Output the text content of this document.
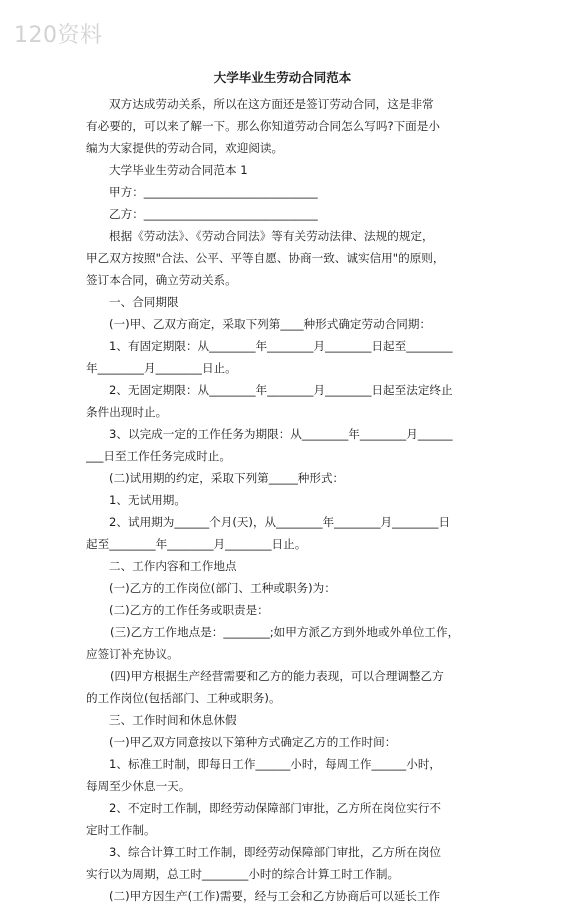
120资料
大学毕业生劳动合同范本

双方达成劳动关系，所以在这方面还是签订劳动合同，这是非常

有必要的，可以来了解一下。那么你知道劳动合同怎么写吗?下面是小

编为大家提供的劳动合同，欢迎阅读。

大学毕业生劳动合同范本 1

甲方：______________________________

乙方：______________________________

根据《劳动法》、《劳动合同法》等有关劳动法律、法规的规定，

甲乙双方按照"合法、公平、平等自愿、协商一致、诚实信用"的原则，

签订本合同，确立劳动关系。

一、合同期限

(一)甲、乙双方商定，采取下列第____种形式确定劳动合同期：

1、有固定期限：从________年________月________日起至________

年________月________日止。

2、无固定期限：从________年________月________日起至法定终止

条件出现时止。

3、以完成一定的工作任务为期限：从________年________月______

___日至工作任务完成时止。

(二)试用期的约定，采取下列第_____种形式：

1、无试用期。

2、试用期为______个月(天)，从________年________月________日

起至________年________月________日止。

二、工作内容和工作地点

(一)乙方的工作岗位(部门、工种或职务)为：

(二)乙方的工作任务或职责是：

(三)乙方工作地点是：________;如甲方派乙方到外地或外单位工作，

应签订补充协议。

(四)甲方根据生产经营需要和乙方的能力表现，可以合理调整乙方

的工作岗位(包括部门、工种或职务)。

三、工作时间和休息休假

(一)甲乙双方同意按以下第种方式确定乙方的工作时间：

1、标准工时制，即每日工作______小时，每周工作______小时，

每周至少休息一天。

2、不定时工作制，即经劳动保障部门审批，乙方所在岗位实行不

定时工作制。

3、综合计算工时工作制，即经劳动保障部门审批，乙方所在岗位

实行以为周期，总工时________小时的综合计算工时工作制。

(二)甲方因生产(工作)需要，经与工会和乙方协商后可以延长工作
